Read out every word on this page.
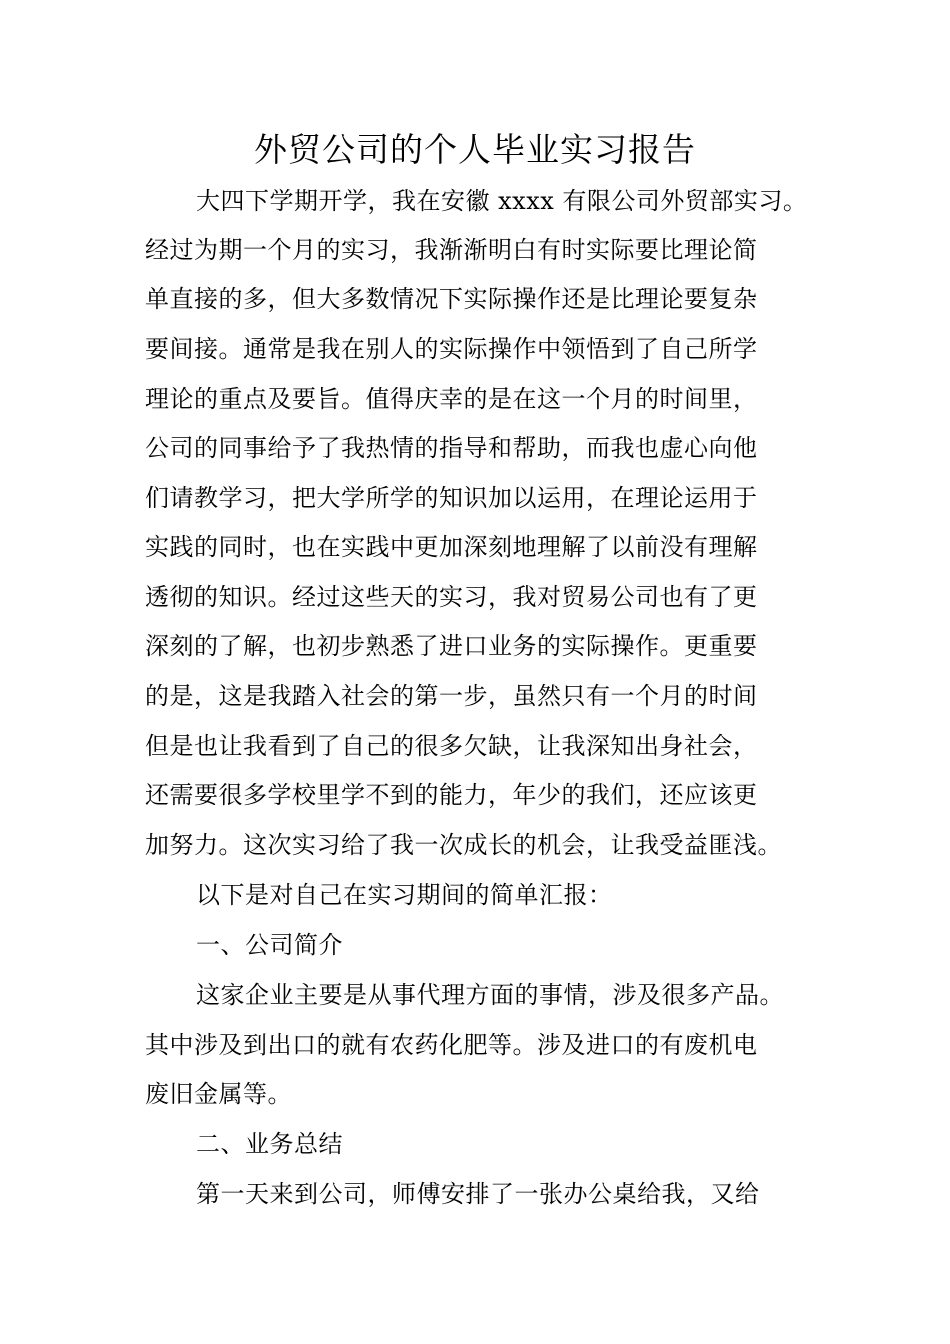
外贸公司的个人毕业实习报告
大四下学期开学，我在安徽 xxxx 有限公司外贸部实习。
经过为期一个月的实习，我渐渐明白有时实际要比理论简
单直接的多，但大多数情况下实际操作还是比理论要复杂
要间接。通常是我在别人的实际操作中领悟到了自己所学
理论的重点及要旨。值得庆幸的是在这一个月的时间里，
公司的同事给予了我热情的指导和帮助，而我也虚心向他
们请教学习，把大学所学的知识加以运用，在理论运用于
实践的同时，也在实践中更加深刻地理解了以前没有理解
透彻的知识。经过这些天的实习，我对贸易公司也有了更
深刻的了解，也初步熟悉了进口业务的实际操作。更重要
的是，这是我踏入社会的第一步，虽然只有一个月的时间
但是也让我看到了自己的很多欠缺，让我深知出身社会，
还需要很多学校里学不到的能力，年少的我们，还应该更
加努力。这次实习给了我一次成长的机会，让我受益匪浅。
以下是对自己在实习期间的简单汇报：
一、公司简介
这家企业主要是从事代理方面的事情，涉及很多产品。
其中涉及到出口的就有农药化肥等。涉及进口的有废机电
废旧金属等。
二、业务总结
第一天来到公司，师傅安排了一张办公桌给我，又给
